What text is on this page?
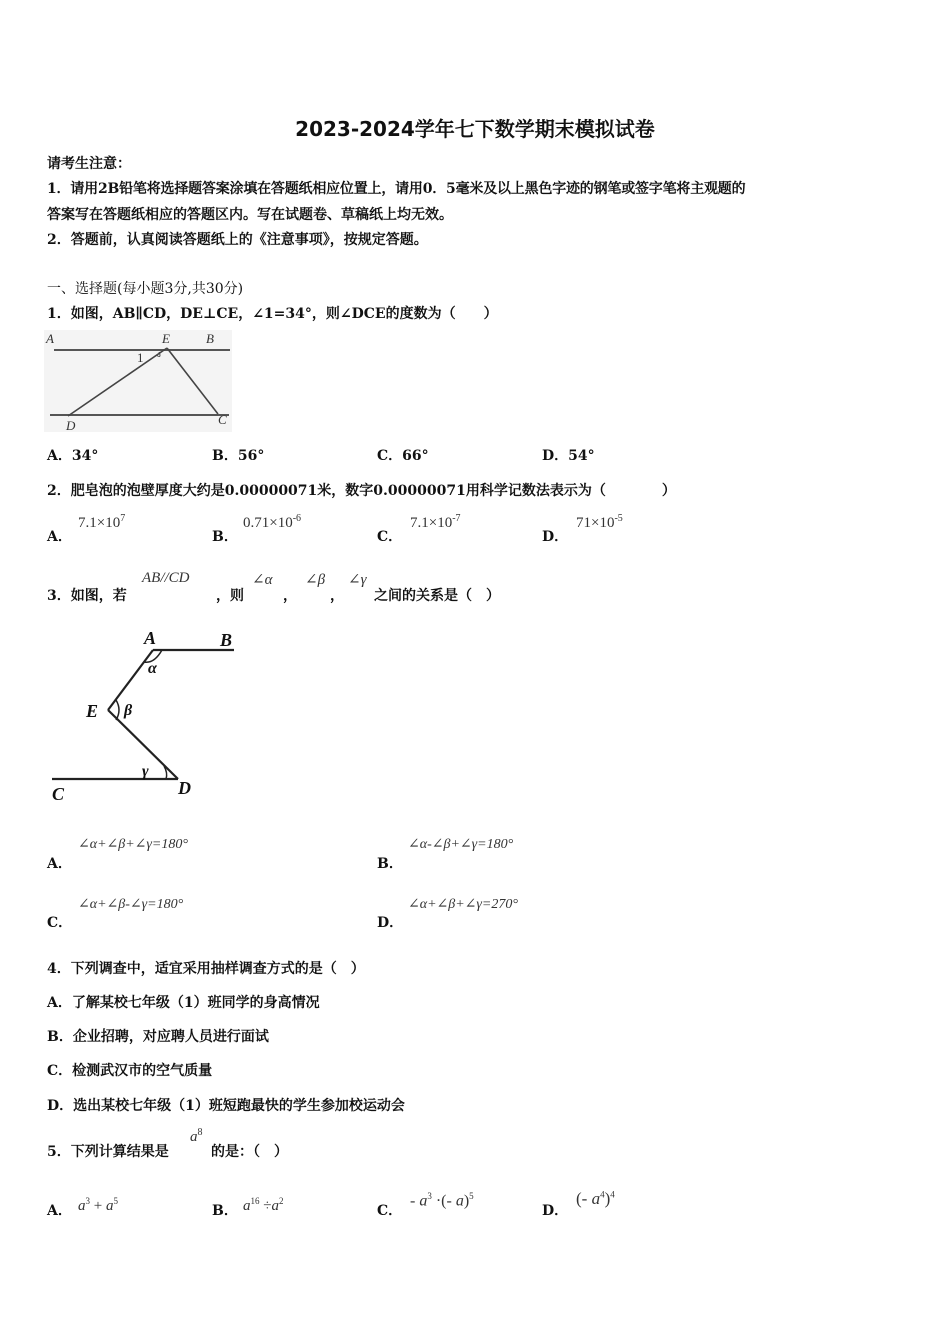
2023-2024学年七下数学期末模拟试卷
请考生注意：
1．请用2B铅笔将选择题答案涂填在答题纸相应位置上，请用0．5毫米及以上黑色字迹的钢笔或签字笔将主观题的
答案写在答题纸相应的答题区内。写在试题卷、草稿纸上均无效。
2．答题前，认真阅读答题纸上的《注意事项》，按规定答题。
一、选择题(每小题3分,共30分)
1．如图，AB∥CD，DE⊥CE，∠1=34°，则∠DCE的度数为（　　）
A	E	B
1
D	C
A．34°	B．56°	C．66°	D．54°
2．肥皂泡的泡壁厚度大约是0.00000071米，数字0.00000071用科学记数法表示为（　　　　）
A．
$7.1\times 10^7$
B．
$0.71\times 10^{-6}$
C．
$7.1\times 10^{-7}$
D．
$71\times 10^{-5}$
3．如图，若
AB//CD
，则
∠α
，
∠β
，
∠γ
之间的关系是（　）
A	B
α
E β
γ
C	D
A．
∠α+∠β+∠γ=180°
B．
∠α-∠β+∠γ=180°
C．
∠α+∠β-∠γ=180°
D．
∠α+∠β+∠γ=270°
4．下列调查中，适宜采用抽样调查方式的是（　）
A．了解某校七年级（1）班同学的身高情况
B．企业招聘，对应聘人员进行面试
C．检测武汉市的空气质量
D．选出某校七年级（1）班短跑最快的学生参加校运动会
5．下列计算结果是
$a^8$
的是：（　）
A． $a^3 + a^5$
B． $a^{16} \div a^2$
C．
- $a^3$ ·(- a)$^5$
D．
(- $a^4)^4$
